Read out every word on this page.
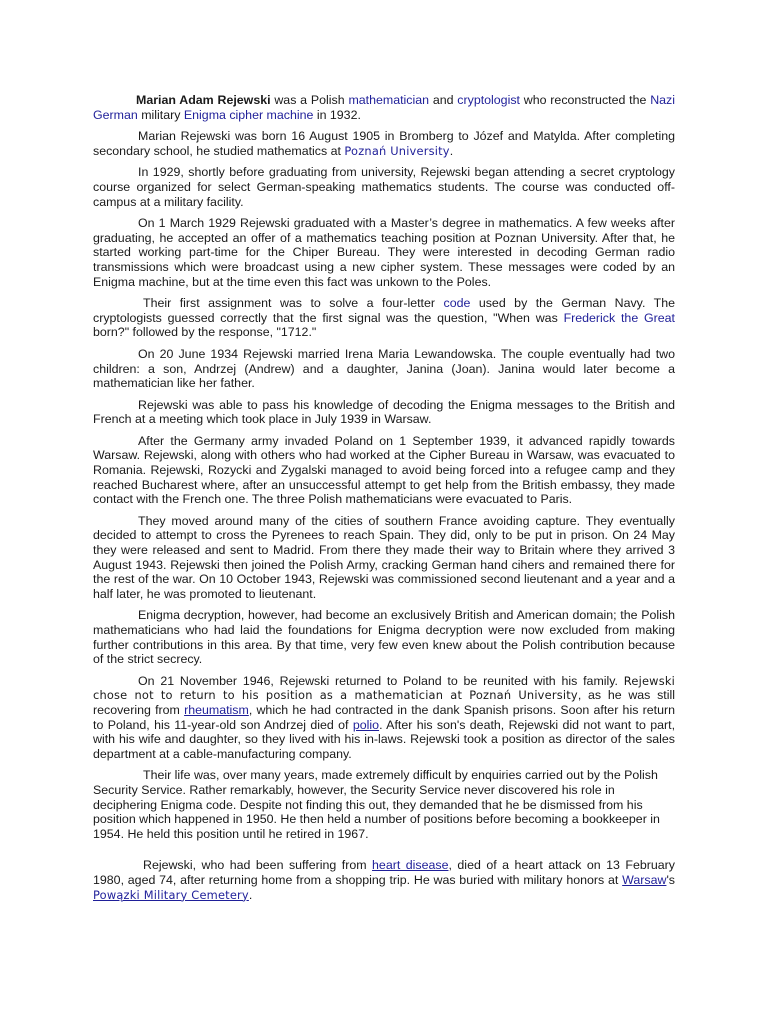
Marian Adam Rejewski was a Polish mathematician and cryptologist who reconstructed the Nazi German military Enigma cipher machine in 1932.

Marian Rejewski was born 16 August 1905 in Bromberg to Józef and Matylda. After completing secondary school, he studied mathematics at Poznań University.

In 1929, shortly before graduating from university, Rejewski began attending a secret cryptology course organized for select German-speaking mathematics students. The course was conducted off-campus at a military facility.

On 1 March 1929 Rejewski graduated with a Master’s degree in mathematics. A few weeks after graduating, he accepted an offer of a mathematics teaching position at Poznan University. After that, he started working part-time for the Chiper Bureau. They were interested in decoding German radio transmissions which were broadcast using a new cipher system. These messages were coded by an Enigma machine, but at the time even this fact was unkown to the Poles.

Their first assignment was to solve a four-letter code used by the German Navy. The cryptologists guessed correctly that the first signal was the question, "When was Frederick the Great born?" followed by the response, "1712."

On 20 June 1934 Rejewski married Irena Maria Lewandowska. The couple eventually had two children: a son, Andrzej (Andrew) and a daughter, Janina (Joan). Janina would later become a mathematician like her father.

Rejewski was able to pass his knowledge of decoding the Enigma messages to the British and French at a meeting which took place in July 1939 in Warsaw.

After the Germany army invaded Poland on 1 September 1939, it advanced rapidly towards Warsaw. Rejewski, along with others who had worked at the Cipher Bureau in Warsaw, was evacuated to Romania. Rejewski, Rozycki and Zygalski managed to avoid being forced into a refugee camp and they reached Bucharest where, after an unsuccessful attempt to get help from the British embassy, they made contact with the French one. The three Polish mathematicians were evacuated to Paris.

They moved around many of the cities of southern France avoiding capture. They eventually decided to attempt to cross the Pyrenees to reach Spain. They did, only to be put in prison. On 24 May they were released and sent to Madrid. From there they made their way to Britain where they arrived 3 August 1943. Rejewski then joined the Polish Army, cracking German hand cihers and remained there for the rest of the war. On 10 October 1943, Rejewski was commissioned second lieutenant and a year and a half later, he was promoted to lieutenant.

Enigma decryption, however, had become an exclusively British and American domain; the Polish mathematicians who had laid the foundations for Enigma decryption were now excluded from making further contributions in this area. By that time, very few even knew about the Polish contribution because of the strict secrecy.

On 21 November 1946, Rejewski returned to Poland to be reunited with his family. Rejewski chose not to return to his position as a mathematician at Poznań University, as he was still recovering from rheumatism, which he had contracted in the dank Spanish prisons. Soon after his return to Poland, his 11-year-old son Andrzej died of polio. After his son's death, Rejewski did not want to part, with his wife and daughter, so they lived with his in-laws. Rejewski took a position as director of the sales department at a cable-manufacturing company.

Their life was, over many years, made extremely difficult by enquiries carried out by the Polish Security Service. Rather remarkably, however, the Security Service never discovered his role in deciphering Enigma code. Despite not finding this out, they demanded that he be dismissed from his position which happened in 1950. He then held a number of positions before becoming a bookkeeper in 1954. He held this position until he retired in 1967.

Rejewski, who had been suffering from heart disease, died of a heart attack on 13 February 1980, aged 74, after returning home from a shopping trip. He was buried with military honors at Warsaw's Powązki Military Cemetery.
